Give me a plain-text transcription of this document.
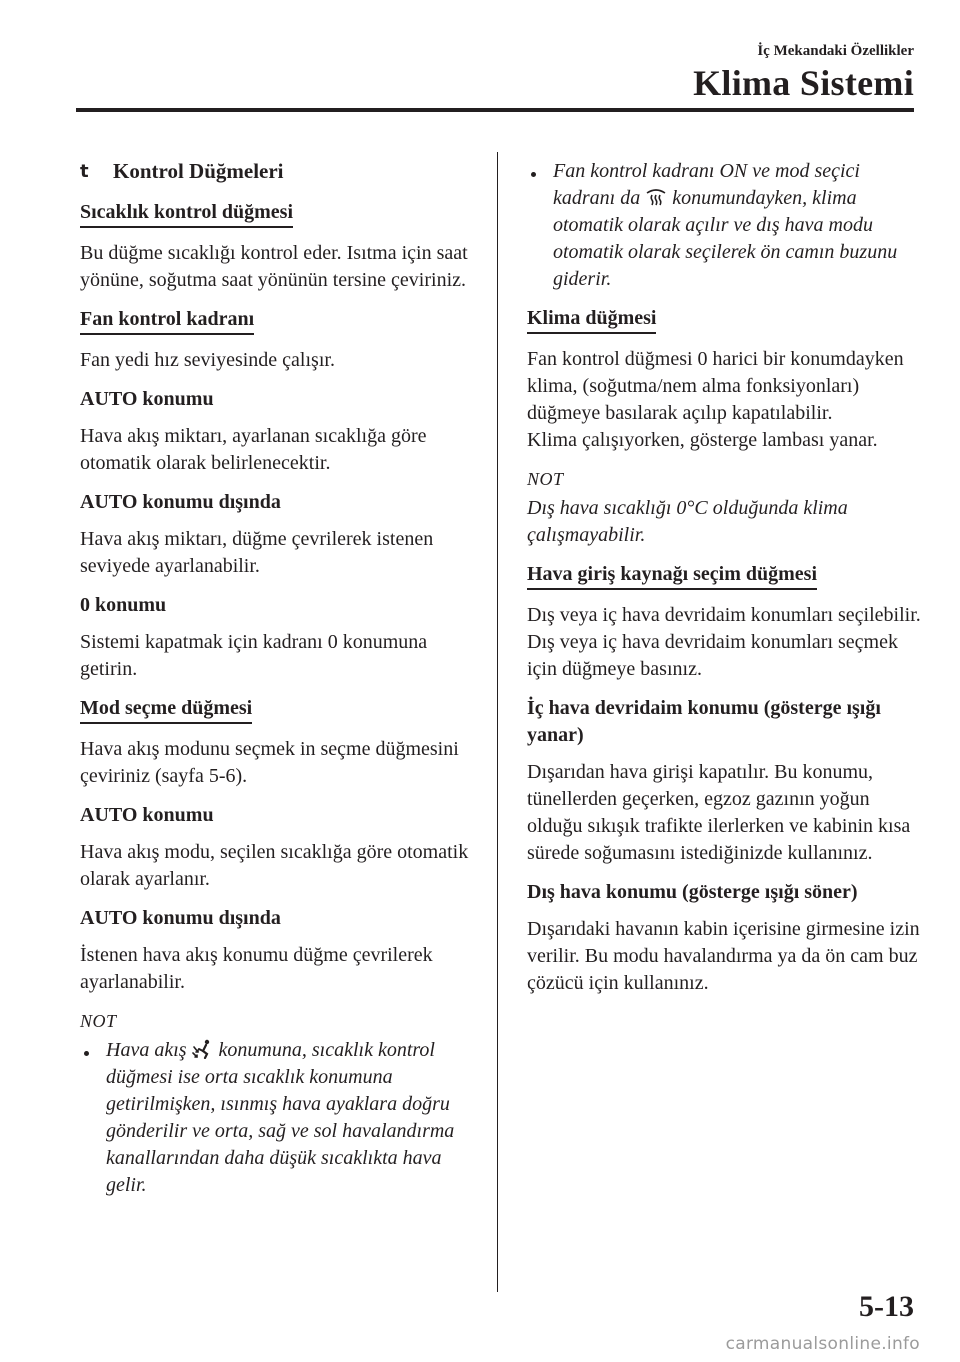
İç Mekandaki Özellikler
Klima Sistemi
t	Kontrol Düğmeleri
Sıcaklık kontrol düğmesi

Bu düğme sıcaklığı kontrol eder. Isıtma için saat yönüne, soğutma saat yönünün tersine çeviriniz.

Fan kontrol kadranı

Fan yedi hız seviyesinde çalışır.

AUTO konumu

Hava akış miktarı, ayarlanan sıcaklığa göre otomatik olarak belirlenecektir.

AUTO konumu dışında

Hava akış miktarı, düğme çevrilerek istenen seviyede ayarlanabilir.

0 konumu

Sistemi kapatmak için kadranı 0 konumuna getirin.

Mod seçme düğmesi

Hava akış modunu seçmek in seçme düğmesini çeviriniz (sayfa 5-6).

AUTO konumu

Hava akış modu, seçilen sıcaklığa göre otomatik olarak ayarlanır.

AUTO konumu dışında

İstenen hava akış konumu düğme çevrilerek ayarlanabilir.

NOT
Hava akış konumuna, sıcaklık kontrol düğmesi ise orta sıcaklık konumuna getirilmişken, ısınmış hava ayaklara doğru gönderilir ve orta, sağ ve sol havalandırma kanallarından daha düşük sıcaklıkta hava gelir.
Fan kontrol kadranı ON ve mod seçici kadranı da konumundayken, klima otomatik olarak açılır ve dış hava modu otomatik olarak seçilerek ön camın buzunu giderir.
Klima düğmesi

Fan kontrol düğmesi 0 harici bir konumdayken klima, (soğutma/nem alma fonksiyonları) düğmeye basılarak açılıp kapatılabilir.

Klima çalışıyorken, gösterge lambası yanar.

NOT
Dış hava sıcaklığı 0°C olduğunda klima çalışmayabilir.
Hava giriş kaynağı seçim düğmesi

Dış veya iç hava devridaim konumları seçilebilir. Dış veya iç hava devridaim konumları seçmek için düğmeye basınız.

İç hava devridaim konumu (gösterge ışığı yanar)

Dışarıdan hava girişi kapatılır. Bu konumu, tünellerden geçerken, egzoz gazının yoğun olduğu sıkışık trafikte ilerlerken ve kabinin kısa sürede soğumasını istediğinizde kullanınız.

Dış hava konumu (gösterge ışığı söner)

Dışarıdaki havanın kabin içerisine girmesine izin verilir. Bu modu havalandırma ya da ön cam buz çözücü için kullanınız.

5-13
carmanualsonline.info
